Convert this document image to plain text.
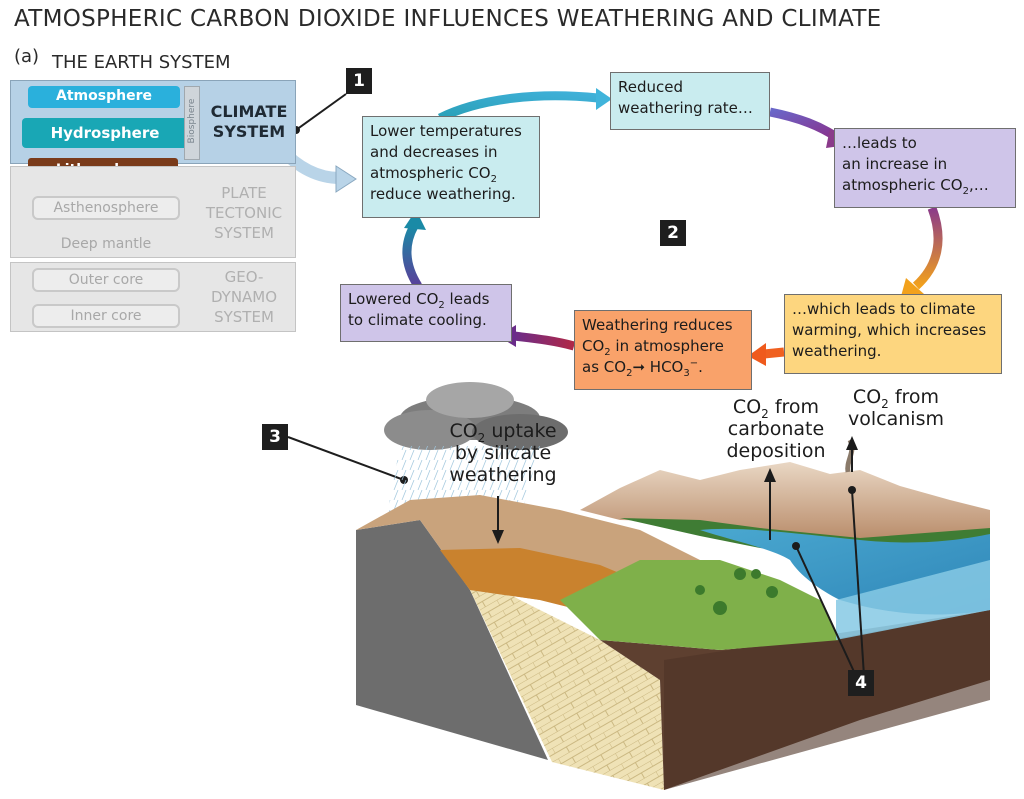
ATMOSPHERIC CARBON DIOXIDE INFLUENCES WEATHERING AND CLIMATE
(a) THE EARTH SYSTEM
Atmosphere
Hydrosphere	Biosphere CLIMATE
SYSTEM
Asthenosphere
Deep mantle
PLATE
TECTONIC
SYSTEM
Outer core
Inner core
GEO-
DYNAMO
SYSTEM
1
2
3
4
Lower temperatures
and decreases in
atmospheric $CO_2$
reduce weathering.
Reduced
weathering rate…
…leads to
an increase in
atmospheric $CO_2,\dots$
…which leads to climate
warming, which increases
weathering.
Weathering reduces
$CO_2$ in atmosphere
as $CO_2➞$ $HCO_3^-$.
Lowered $CO_2$ leads
to climate cooling.
$CO_2$ uptake
by silicate
weathering
$CO_2$ from
carbonate
deposition
$CO_2$ from
volcanism
